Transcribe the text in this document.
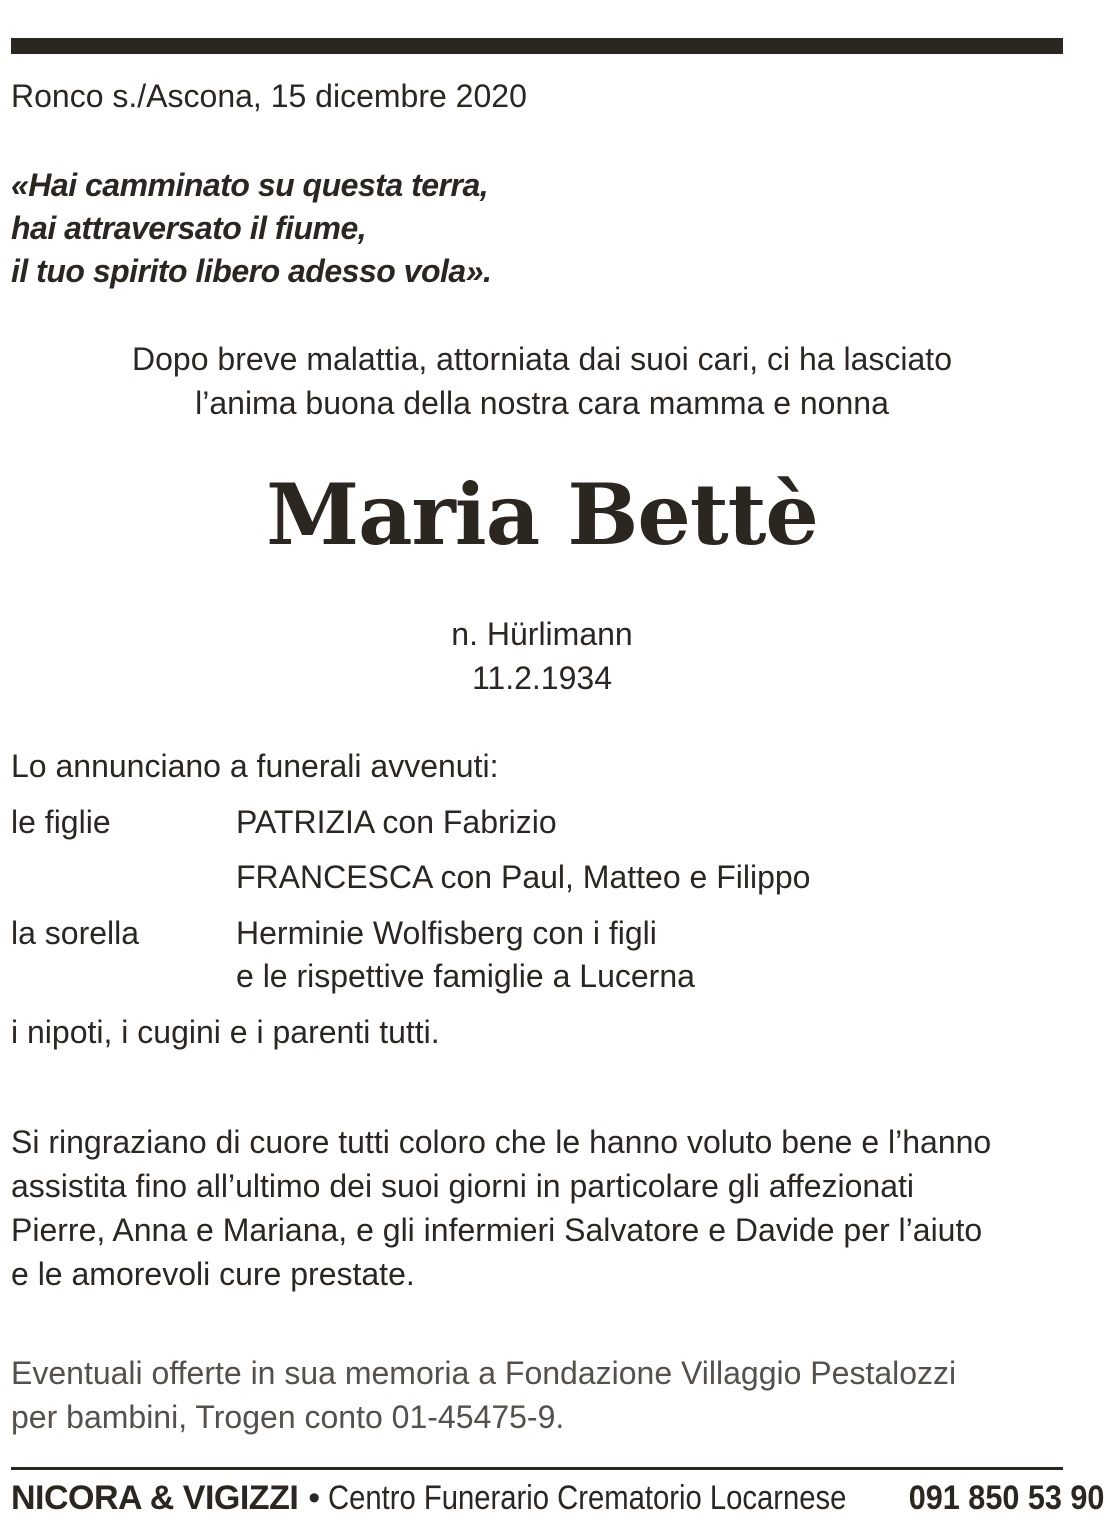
Ronco s./Ascona, 15 dicembre 2020
«Hai camminato su questa terra,
hai attraversato il fiume,
il tuo spirito libero adesso vola».
Dopo breve malattia, attorniata dai suoi cari, ci ha lasciato
l’anima buona della nostra cara mamma e nonna
Maria Bettè
n. Hürlimann
11.2.1934
Lo annunciano a funerali avvenuti:
le figlie	PATRIZIA con Fabrizio
FRANCESCA con Paul, Matteo e Filippo
la sorella	Herminie Wolfisberg con i figli
e le rispettive famiglie a Lucerna
i nipoti, i cugini e i parenti tutti.
Si ringraziano di cuore tutti coloro che le hanno voluto bene e l’hanno
assistita fino all’ultimo dei suoi giorni in particolare gli affezionati
Pierre, Anna e Mariana, e gli infermieri Salvatore e Davide per l’aiuto
e le amorevoli cure prestate.
Eventuali offerte in sua memoria a Fondazione Villaggio Pestalozzi
per bambini, Trogen conto 01-45475-9.
NICORA & VIGIZZI • Centro Funerario Crematorio Locarnese 091 850 53 90
